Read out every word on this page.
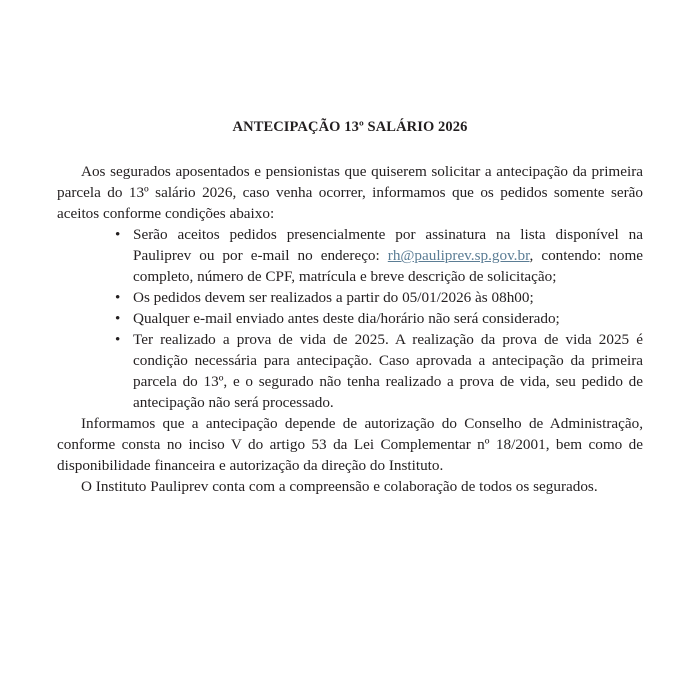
ANTECIPAÇÃO 13º SALÁRIO 2026

Aos segurados aposentados e pensionistas que quiserem solicitar a antecipação da primeira parcela do 13º salário 2026, caso venha ocorrer, informamos que os pedidos somente serão aceitos conforme condições abaixo:

• Serão aceitos pedidos presencialmente por assinatura na lista disponível na Pauliprev ou por e-mail no endereço: rh@pauliprev.sp.gov.br, contendo: nome completo, número de CPF, matrícula e breve descrição de solicitação;
• Os pedidos devem ser realizados a partir do 05/01/2026 às 08h00;
• Qualquer e-mail enviado antes deste dia/horário não será considerado;
• Ter realizado a prova de vida de 2025. A realização da prova de vida 2025 é condição necessária para antecipação. Caso aprovada a antecipação da primeira parcela do 13º, e o segurado não tenha realizado a prova de vida, seu pedido de antecipação não será processado.

Informamos que a antecipação depende de autorização do Conselho de Administração, conforme consta no inciso V do artigo 53 da Lei Complementar nº 18/2001, bem como de disponibilidade financeira e autorização da direção do Instituto.

O Instituto Pauliprev conta com a compreensão e colaboração de todos os segurados.
